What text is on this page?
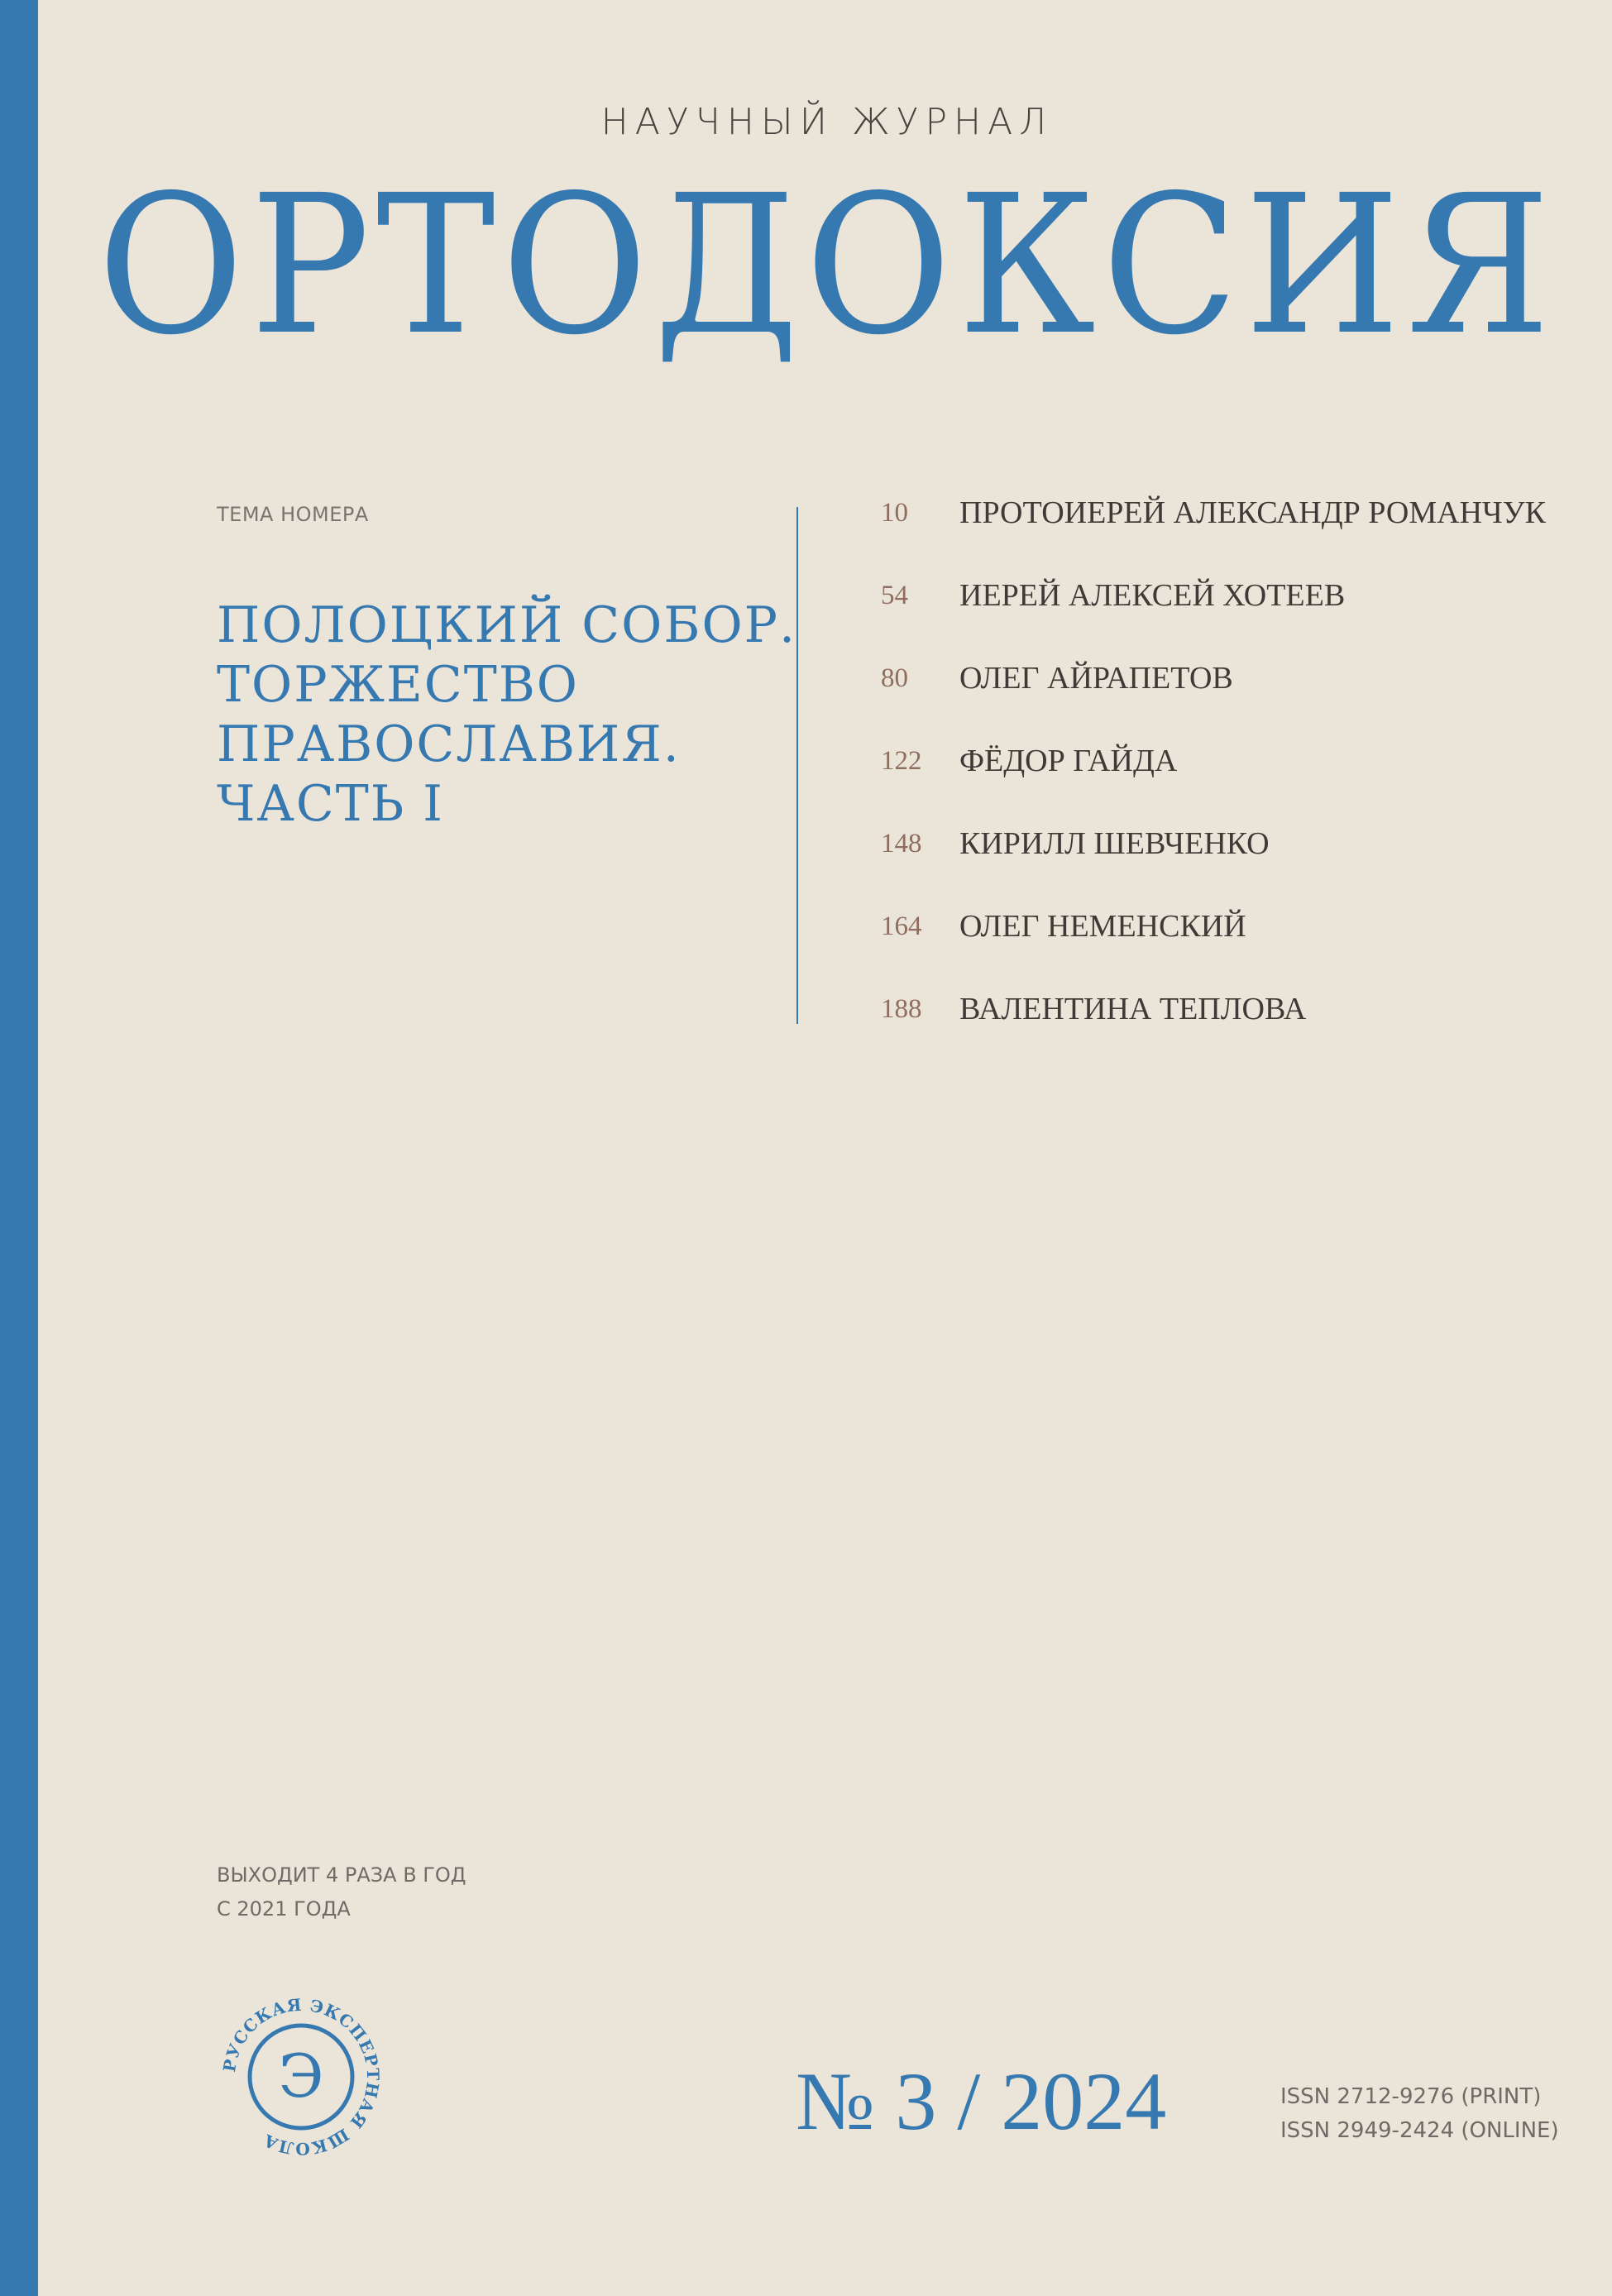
НАУЧНЫЙ ЖУРНАЛ
ОРТОДОКСИЯ
ТЕМА НОМЕРА
ПОЛОЦКИЙ СОБОР.
ТОРЖЕСТВО
ПРАВОСЛАВИЯ.
ЧАСТЬ I
10	ПРОТОИЕРЕЙ АЛЕКСАНДР РОМАНЧУК
54	ИЕРЕЙ АЛЕКСЕЙ ХОТЕЕВ
80	ОЛЕГ АЙРАПЕТОВ
122	ФЁДОР ГАЙДА
148	КИРИЛЛ ШЕВЧЕНКО
164	ОЛЕГ НЕМЕНСКИЙ
188	ВАЛЕНТИНА ТЕПЛОВА
ВЫХОДИТ 4 РАЗА В ГОД
С 2021 ГОДА
РУССКАЯ ЭКСПЕРТНАЯ ШКОЛА
Э	№ 3 / 2024	ISSN 2712-9276 (PRINT)
ISSN 2949-2424 (ONLINE)
